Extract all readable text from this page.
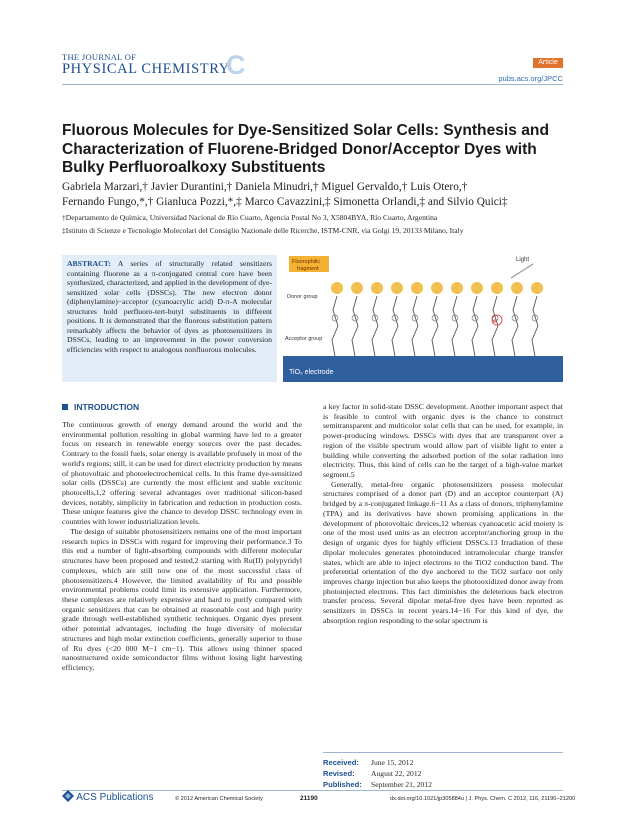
THE JOURNAL OF
PHYSICAL CHEMISTRY
C	Article
pubs.acs.org/JPCC
Fluorous Molecules for Dye-Sensitized Solar Cells: Synthesis and Characterization of Fluorene-Bridged Donor/Acceptor Dyes with Bulky Perfluoroalkoxy Substituents
Gabriela Marzari,† Javier Durantini,† Daniela Minudri,† Miguel Gervaldo,† Luis Otero,†
Fernando Fungo,*,† Gianluca Pozzi,*,‡ Marco Cavazzini,‡ Simonetta Orlandi,‡ and Silvio Quici‡
†Departamento de Química, Universidad Nacional de Río Cuarto, Agencia Postal No 3, X5804BYA, Río Cuarto, Argentina
‡Istituto di Scienze e Tecnologie Molecolari del Consiglio Nazionale delle Ricerche, ISTM-CNR, via Golgi 19, 20133 Milano, Italy
ABSTRACT: A series of structurally related sensitizers containing fluorene as a π-conjugated central core have been synthesized, characterized, and applied in the development of dye-sensitized solar cells (DSSCs). The new electron donor (diphenylamine)−acceptor (cyanoacrylic acid) D-π-A molecular structures hold perfluoro-tert-butyl substituents in different positions. It is demonstrated that the fluorous substitution pattern remarkably affects the behavior of dyes as photosensitizers in DSSCs, leading to an improvement in the power conversion efficiencies with respect to analogous nonfluorous molecules.
TiO₂ electrode
Fluorophilic
fragment
Donor group
Acceptor group
Light
e⁻
INTRODUCTION

The continuous growth of energy demand around the world and the environmental pollution resulting in global warming have led to a greater focus on research in renewable energy sources over the past decades. Contrary to the fossil fuels, solar energy is available profusely in most of the world's regions; still, it can be used for direct electricity production by means of photovoltaic and photoelectrochemical cells. In this frame dye-sensitized solar cells (DSSCs) are currently the most efficient and stable excitonic photocells,1,2 offering several advantages over traditional silicon-based devices, notably, simplicity in fabrication and reduction in production costs. These unique features give the chance to develop DSSC technology even in countries with lower industrialization levels.

The design of suitable photosensitizers remains one of the most important research topics in DSSCs with regard for improving their performance.3 To this end a number of light-absorbing compounds with different molecular structures have been proposed and tested,2 starting with Ru(II) polypyridyl complexes, which are still now one of the most successful class of photosensitizers.4 However, the limited availability of Ru and possible environmental problems could limit its extensive application. Furthermore, these complexes are relatively expensive and hard to purify compared with organic sensitizers that can be obtained at reasonable cost and high purity grade through well-established synthetic techniques. Organic dyes present other potential advantages, including the huge diversity of molecular structures and high molar extinction coefficients, generally superior to those of Ru dyes (<20 000 M−1 cm−1). This allows using thinner spaced nanostructured oxide semiconductor films without losing light harvesting efficiency,

a key factor in solid-state DSSC development. Another important aspect that is feasible to control with organic dyes is the chance to construct semitransparent and multicolor solar cells that can be used, for example, in power-producing windows. DSSCs with dyes that are transparent over a region of the visible spectrum would allow part of visible light to enter a building while converting the adsorbed portion of the solar radiation into electricity. Thus, this kind of cells can be the target of a high-value market segment.5

Generally, metal-free organic photosensitizers possess molecular structures comprised of a donor part (D) and an acceptor counterpart (A) bridged by a π-conjugated linkage.6−11 As a class of donors, triphenylamine (TPA) and its derivatives have shown promising applications in the development of photovoltaic devices,12 whereas cyanoacetic acid moiety is one of the most used units as an electron acceptor/anchoring group in the design of organic dyes for highly efficient DSSCs.13 Irradiation of these dipolar molecules generates photoinduced intramolecular charge transfer states, which are able to inject electrons to the TiO2 conduction band. The preferential orientation of the dye anchored to the TiO2 surface not only improves charge injection but also keeps the photooxidized donor away from photoinjected electrons. This fact diminishes the deleterious back electron transfer process. Several dipolar metal-free dyes have been reported as sensitizers in DSSCs in recent years.14−16 For this kind of dye, the absorption region responding to the solar spectrum is

Received: June 15, 2012
Revised: August 22, 2012
Published: September 21, 2012
ACS Publications	© 2012 American Chemical Society	21190	dx.doi.org/10.1021/jp305884u | J. Phys. Chem. C 2012, 116, 21190−21200
